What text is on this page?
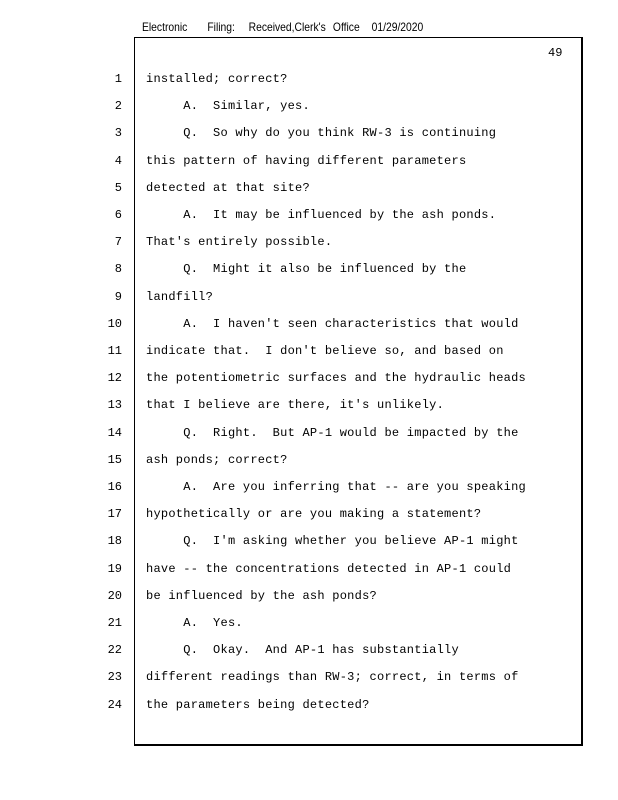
Electronic Filing: Received,Clerk's Office 01/29/2020
49
1 installed; correct?
2 A.  Similar, yes.
3 Q.  So why do you think RW-3 is continuing
4 this pattern of having different parameters
5 detected at that site?
6 A.  It may be influenced by the ash ponds.
7 That's entirely possible.
8 Q.  Might it also be influenced by the
9 landfill?
10 A.  I haven't seen characteristics that would
11 indicate that.  I don't believe so, and based on
12 the potentiometric surfaces and the hydraulic heads
13 that I believe are there, it's unlikely.
14 Q.  Right.  But AP-1 would be impacted by the
15 ash ponds; correct?
16 A.  Are you inferring that -- are you speaking
17 hypothetically or are you making a statement?
18 Q.  I'm asking whether you believe AP-1 might
19 have -- the concentrations detected in AP-1 could
20 be influenced by the ash ponds?
21 A.  Yes.
22 Q.  Okay.  And AP-1 has substantially
23 different readings than RW-3; correct, in terms of
24 the parameters being detected?
